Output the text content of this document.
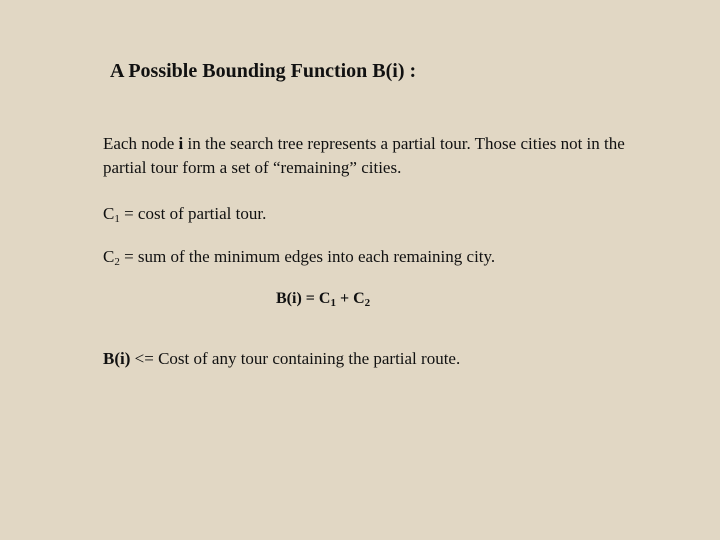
A Possible Bounding Function B(i) :
Each node i in the search tree represents a partial tour. Those cities not in the partial tour form a set of “remaining” cities.
$C_1 = \cos t$ of partial tour.
$C_2$ = sum of the minimum edges into each remaining city.
$B(i) = C_1 + C_2$
B(i) <= Cost of any tour containing the partial route.
